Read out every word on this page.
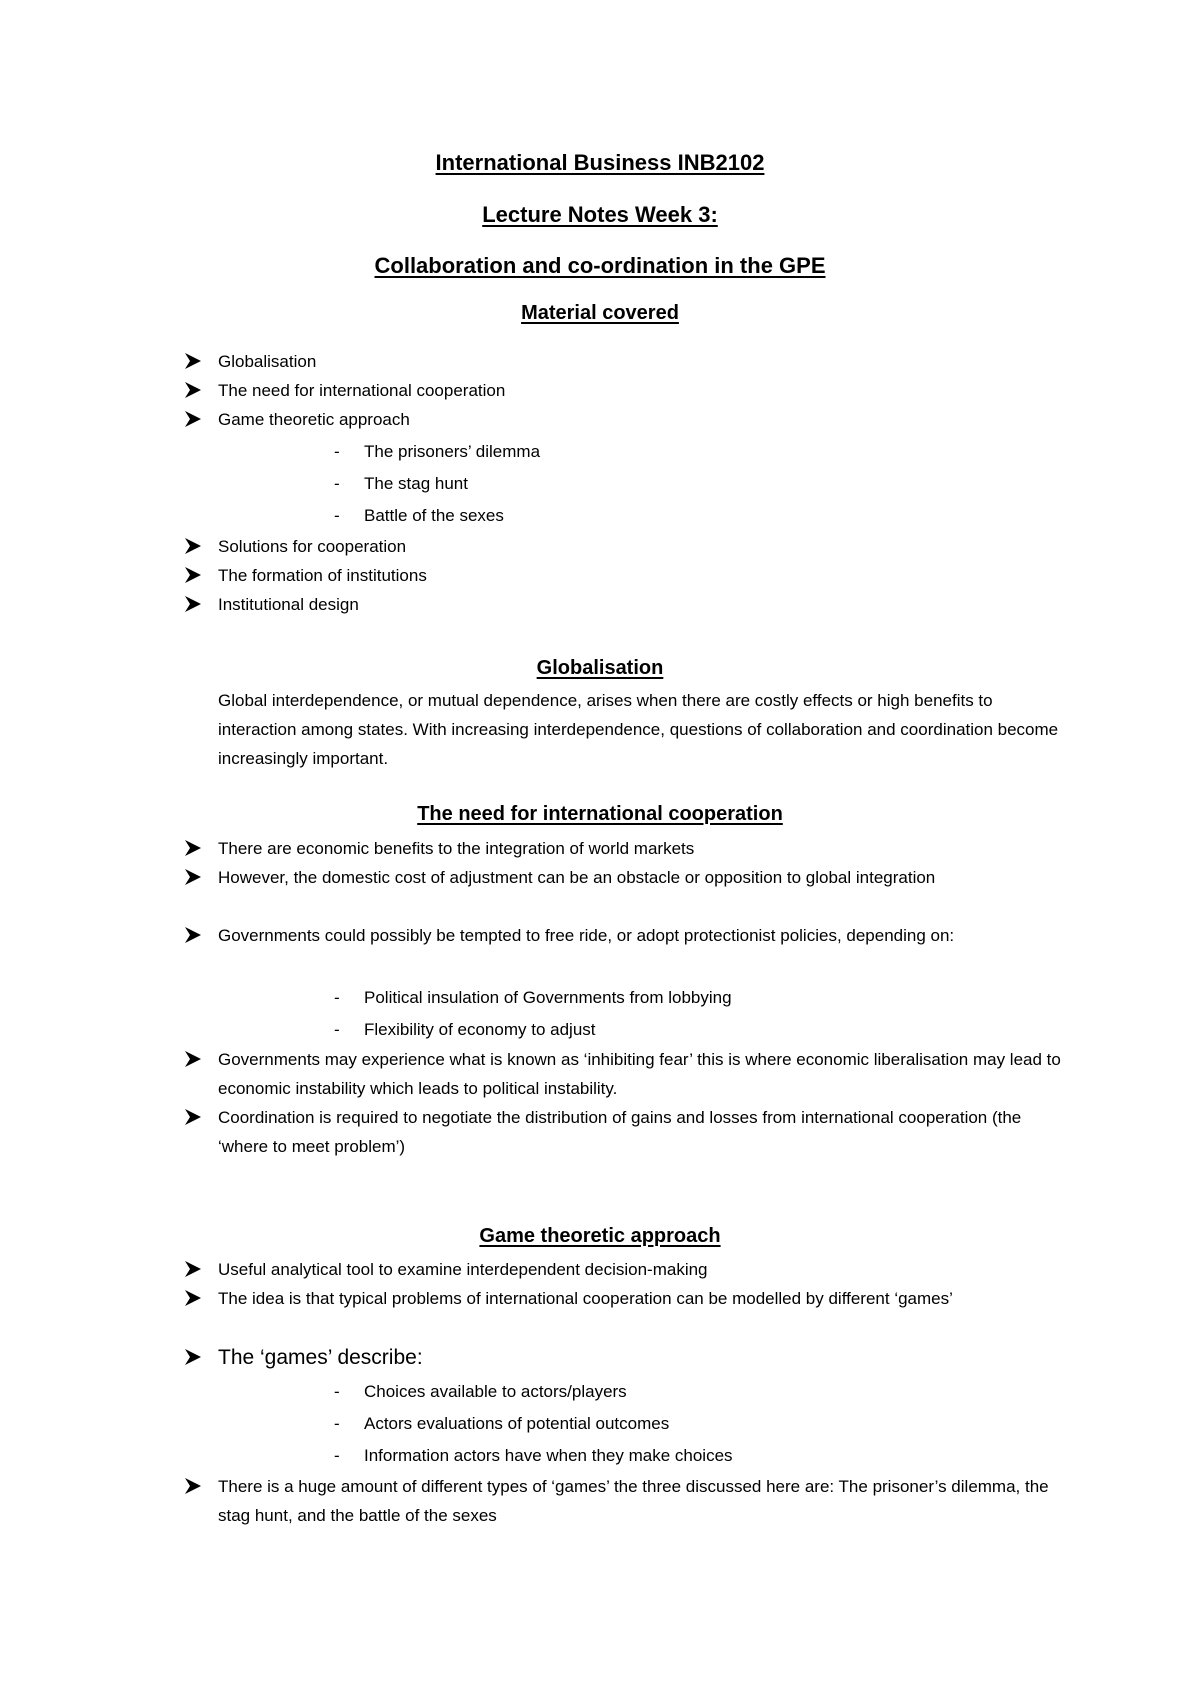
International Business INB2102
Lecture Notes Week 3:
Collaboration and co-ordination in the GPE
Material covered
Globalisation
The need for international cooperation
Game theoretic approach
- The prisoners’ dilemma
- The stag hunt
- Battle of the sexes
Solutions for cooperation
The formation of institutions
Institutional design
Globalisation
Global interdependence, or mutual dependence, arises when there are costly effects or high benefits to interaction among states. With increasing interdependence, questions of collaboration and coordination become increasingly important.
The need for international cooperation
There are economic benefits to the integration of world markets
However, the domestic cost of adjustment can be an obstacle or opposition to global integration
Governments could possibly be tempted to free ride, or adopt protectionist policies, depending on:
- Political insulation of Governments from lobbying
- Flexibility of economy to adjust
Governments may experience what is known as ‘inhibiting fear’ this is where economic liberalisation may lead to economic instability which leads to political instability.
Coordination is required to negotiate the distribution of gains and losses from international cooperation (the ‘where to meet problem’)
Game theoretic approach
Useful analytical tool to examine interdependent decision-making
The idea is that typical problems of international cooperation can be modelled by different ‘games’
The ‘games’ describe:
- Choices available to actors/players
- Actors evaluations of potential outcomes
- Information actors have when they make choices
There is a huge amount of different types of ‘games’ the three discussed here are: The prisoner’s dilemma, the stag hunt, and the battle of the sexes
